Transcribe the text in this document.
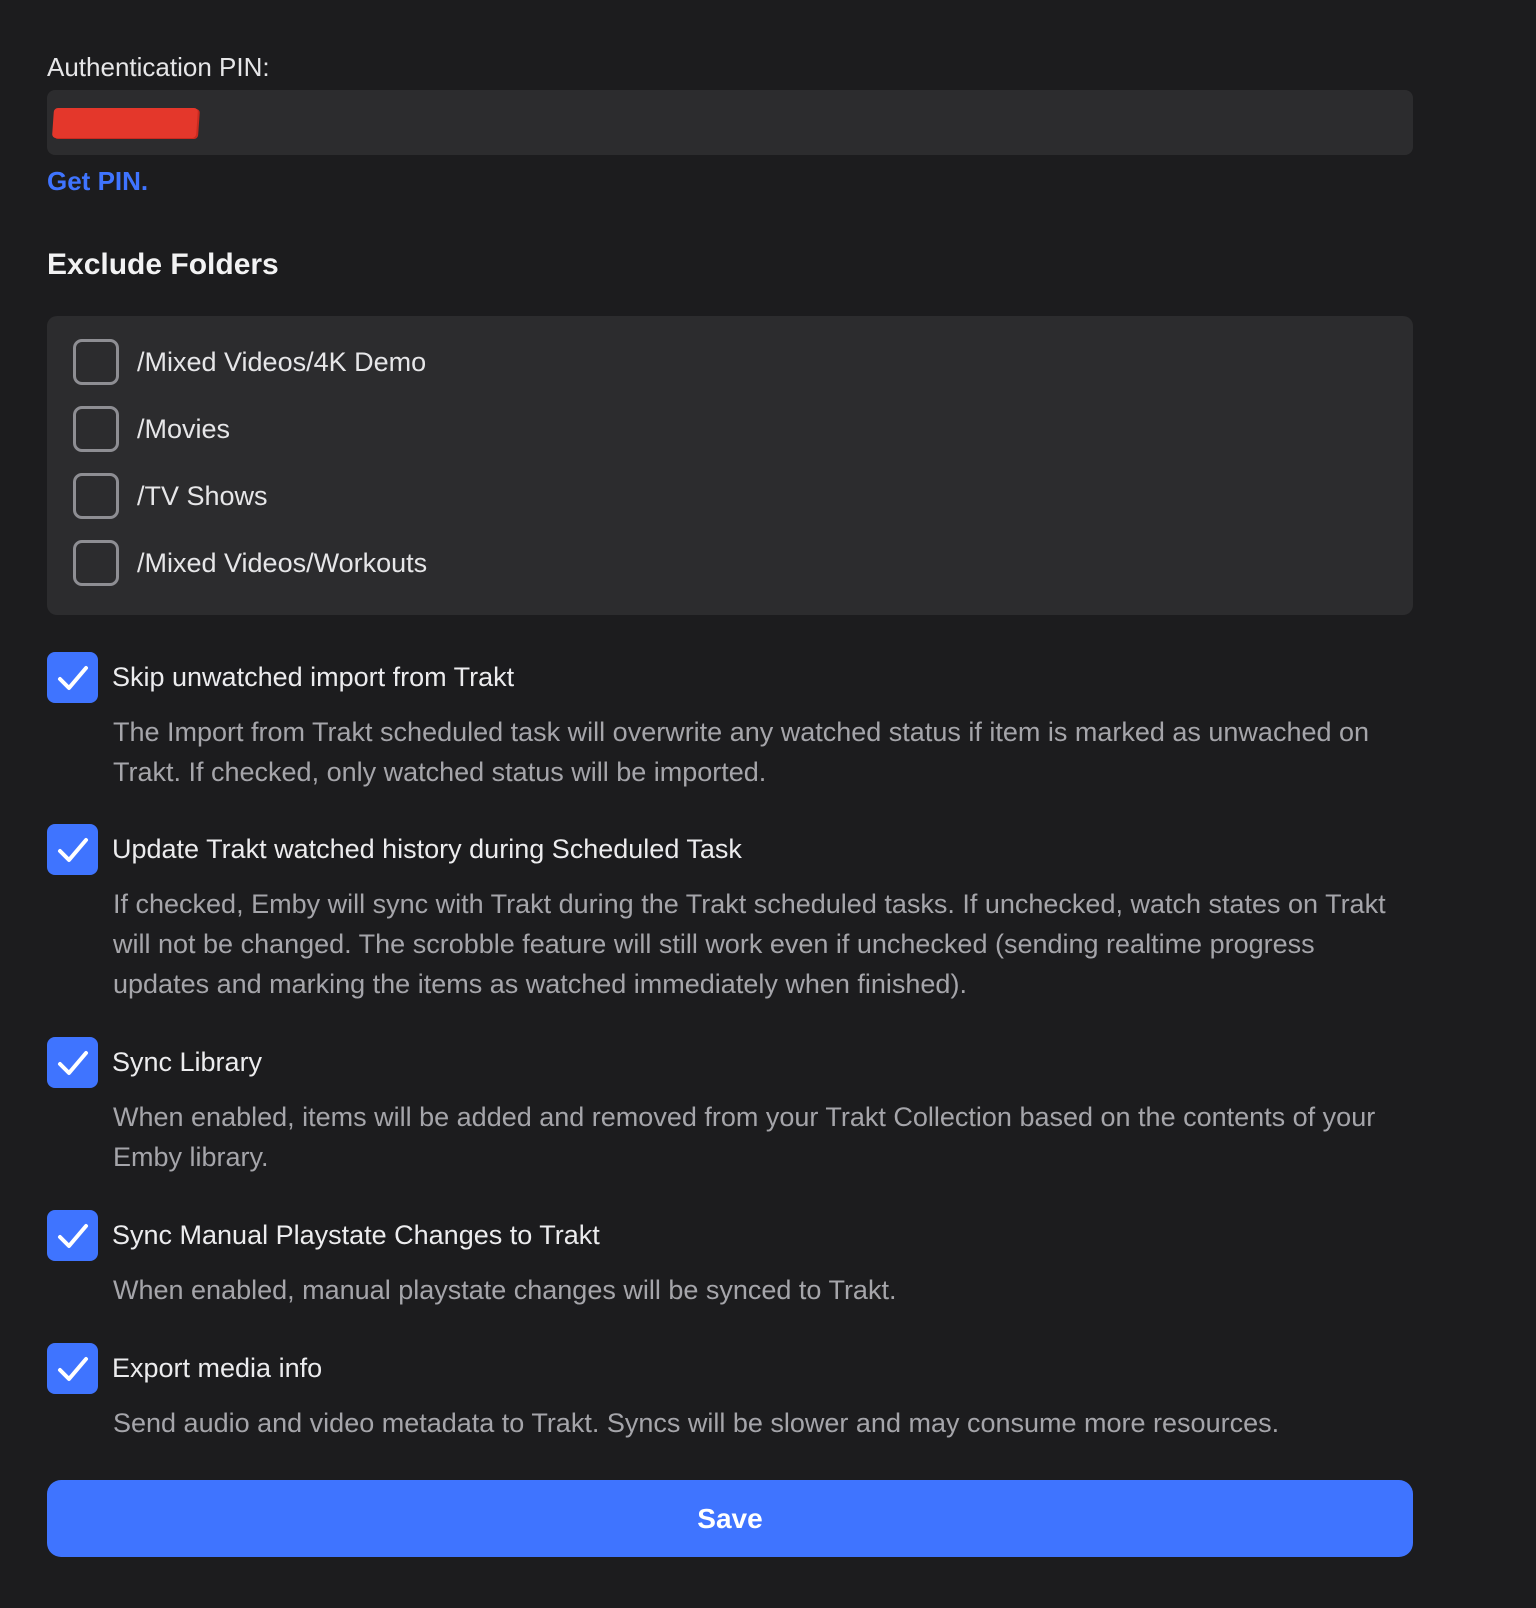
Authentication PIN:
Get PIN.
Exclude Folders
/Mixed Videos/4K Demo
/Movies
/TV Shows
/Mixed Videos/Workouts
Skip unwatched import from Trakt
The Import from Trakt scheduled task will overwrite any watched status if item is marked as unwached on Trakt. If checked, only watched status will be imported.
Update Trakt watched history during Scheduled Task
If checked, Emby will sync with Trakt during the Trakt scheduled tasks. If unchecked, watch states on Trakt will not be changed. The scrobble feature will still work even if unchecked (sending realtime progress updates and marking the items as watched immediately when finished).
Sync Library
When enabled, items will be added and removed from your Trakt Collection based on the contents of your Emby library.
Sync Manual Playstate Changes to Trakt
When enabled, manual playstate changes will be synced to Trakt.
Export media info
Send audio and video metadata to Trakt. Syncs will be slower and may consume more resources.
Save
